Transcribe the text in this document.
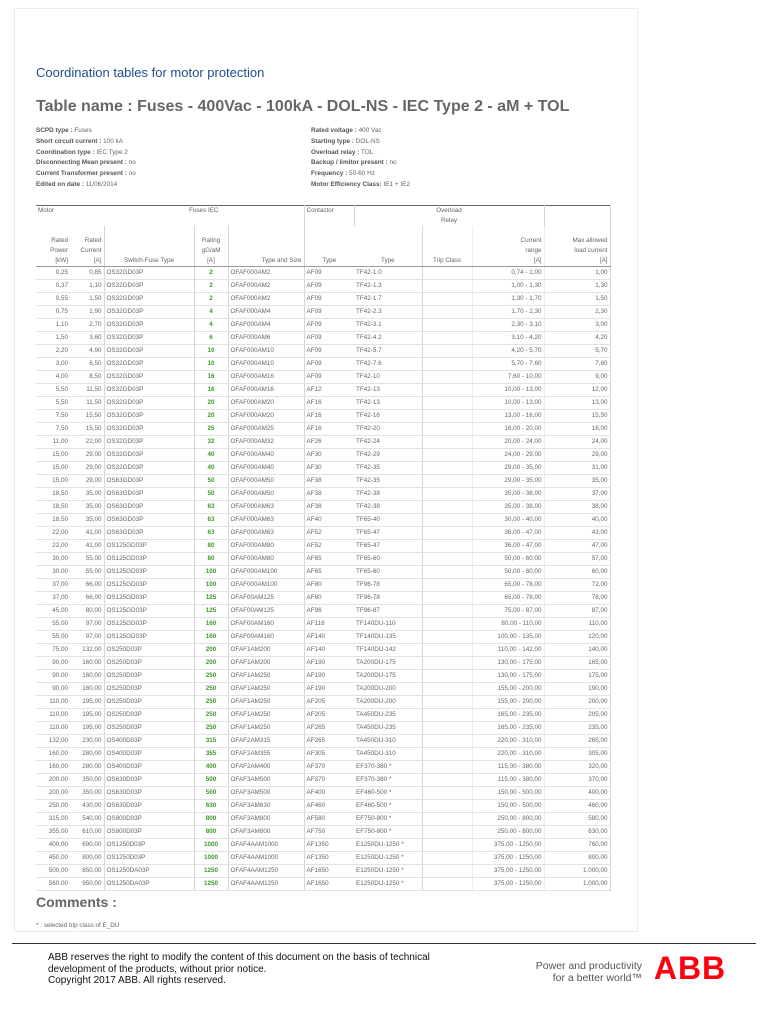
Coordination tables for motor protection
Table name : Fuses - 400Vac - 100kA - DOL-NS - IEC Type 2 - aM + TOL
SCPD type : Fuses	Rated voltage : 400 Vac
Short circuit current : 100 kA	Starting type : DOL-NS
Coordination type : IEC Type 2	Overload relay : TOL
Disconnecting Mean present : no	Backup / limitor present : no
Current Transformer present : no	Frequency : 50-60 Hz
Edited on date : 11/06/2014	Motor Efficiency Class: IE1 + IE2
Motor		Fuses IEC			Contactor	Overload			
						Relay			

Rated	Rated		Rating					Current	Max allowed
Power	Current		gG/aM					range	load current
[kW]	[A]	Switch-Fuse Type	[A]	Type and Size	Type	Type	Trip Class	[A]	[A]
0,25	0,85	OS32GD03P	2	OFAF000AM2	AF09	TF42-1.0		0,74 - 1,00	1,00
0,37	1,10	OS32GD03P	2	OFAF000AM2	AF09	TF42-1.3		1,00 - 1,30	1,30
0,55	1,50	OS32GD03P	2	OFAF000AM2	AF09	TF42-1.7		1,30 - 1,70	1,50
0,75	1,90	OS32GD03P	4	OFAF000AM4	AF09	TF42-2.3		1,70 - 2,30	2,30
1,10	2,70	OS32GD03P	4	OFAF000AM4	AF09	TF42-3.1		2,30 - 3,10	3,00
1,50	3,60	OS32GD03P	6	OFAF000AM6	AF09	TF42-4.2		3,10 - 4,20	4,20
2,20	4,90	OS32GD03P	10	OFAF000AM10	AF09	TF42-5.7		4,20 - 5,70	5,70
3,00	6,50	OS32GD03P	10	OFAF000AM10	AF09	TF42-7.6		5,70 - 7,60	7,60
4,00	8,50	OS32GD03P	16	OFAF000AM16	AF09	TF42-10		7,60 - 10,00	9,00
5,50	11,50	OS32GD03P	16	OFAF000AM16	AF12	TF42-13		10,00 - 13,00	12,00
5,50	11,50	OS32GD03P	20	OFAF000AM20	AF16	TF42-13		10,00 - 13,00	13,00
7,50	15,50	OS32GD03P	20	OFAF000AM20	AF16	TF42-16		13,00 - 16,00	15,50
7,50	15,50	OS32GD03P	25	OFAF000AM25	AF16	TF42-20		16,00 - 20,00	16,00
11,00	22,00	OS32GD03P	32	OFAF000AM32	AF26	TF42-24		20,00 - 24,00	24,00
15,00	29,00	OS32GD03P	40	OFAF000AM40	AF30	TF42-29		24,00 - 29,00	29,00
15,00	29,00	OS32GD03P	40	OFAF000AM40	AF30	TF42-35		29,00 - 35,00	31,00
15,00	29,00	OS63GD03P	50	OFAF000AM50	AF38	TF42-35		29,00 - 35,00	35,00
18,50	35,00	OS63GD03P	50	OFAF000AM50	AF38	TF42-38		35,00 - 38,00	37,00
18,50	35,00	OS63GD03P	63	OFAF000AM63	AF38	TF42-38		35,00 - 38,00	38,00
18,50	35,00	OS63GD03P	63	OFAF000AM63	AF40	TF65-40		30,00 - 40,00	40,00
22,00	41,00	OS63GD03P	63	OFAF000AM63	AF52	TF65-47		36,00 - 47,00	43,00
22,00	41,00	OS125GD03P	80	OFAF000AM80	AF52	TF65-47		36,00 - 47,00	47,00
30,00	55,00	OS125GD03P	80	OFAF000AM80	AF65	TF65-60		50,00 - 60,00	57,00
30,00	55,00	OS125GD03P	100	OFAF000AM100	AF65	TF65-60		50,00 - 60,00	60,00
37,00	66,00	OS125GD03P	100	OFAF000AM100	AF80	TF96-78		65,00 - 78,00	72,00
37,00	66,00	OS125GD03P	125	OFAF00AM125	AF80	TF96-78		65,00 - 78,00	78,00
45,00	80,00	OS125GD03P	125	OFAF00AM125	AF96	TF96-87		75,00 - 87,00	87,00
55,00	97,00	OS125GD03P	160	OFAF00AM160	AF116	TF140DU-110		80,00 - 110,00	110,00
55,00	97,00	OS125GD03P	160	OFAF00AM160	AF140	TF140DU-135		100,00 - 135,00	120,00
75,00	132,00	OS250D03P	200	OFAF1AM200	AF140	TF140DU-142		110,00 - 142,00	140,00
90,00	160,00	OS250D03P	200	OFAF1AM200	AF190	TA200DU-175		130,00 - 175,00	165,00
90,00	160,00	OS250D03P	250	OFAF1AM250	AF190	TA200DU-175		130,00 - 175,00	175,00
90,00	160,00	OS250D03P	250	OFAF1AM250	AF190	TA200DU-200		155,00 - 200,00	190,00
110,00	195,00	OS250D03P	250	OFAF1AM250	AF205	TA200DU-200		155,00 - 200,00	200,00
110,00	195,00	OS250D03P	250	OFAF1AM250	AF205	TA450DU-235		165,00 - 235,00	205,00
110,00	195,00	OS250D03P	250	OFAF1AM250	AF265	TA450DU-235		165,00 - 235,00	235,00
132,00	230,00	OS400D03P	315	OFAF2AM315	AF265	TA450DU-310		220,00 - 310,00	265,00
160,00	280,00	OS400D03P	355	OFAF2AM355	AF305	TA450DU-310		220,00 - 310,00	305,00
160,00	280,00	OS400D03P	400	OFAF2AM400	AF370	EF370-380 *		115,00 - 380,00	320,00
200,00	350,00	OS630D03P	500	OFAF3AM500	AF370	EF370-380 *		115,00 - 380,00	370,00
200,00	350,00	OS630D03P	500	OFAF3AM500	AF400	EF460-500 *		150,00 - 500,00	400,00
250,00	430,00	OS630D03P	630	OFAF3AM630	AF460	EF460-500 *		150,00 - 500,00	460,00
315,00	540,00	OS800D03P	800	OFAF3AM800	AF580	EF750-800 *		250,00 - 800,00	580,00
355,00	610,00	OS800D03P	800	OFAF3AM800	AF750	EF750-800 *		250,00 - 800,00	630,00
400,00	690,00	OS1250D03P	1000	OFAF4AAM1000	AF1350	E1250DU-1250 *		375,00 - 1250,00	760,00
450,00	800,00	OS1250D03P	1000	OFAF4AAM1000	AF1350	E1250DU-1250 *		375,00 - 1250,00	800,00
500,00	850,00	OS1250DA03P	1250	OFAF4AAM1250	AF1650	E1250DU-1250 *		375,00 - 1250,00	1.000,00
560,00	950,00	OS1250DA03P	1250	OFAF4AAM1250	AF1650	E1250DU-1250 *		375,00 - 1250,00	1.000,00
Comments :
* : selected trip class of E_DU
ABB reserves the right to modify the content of this document on the basis of technical
development of the products, without prior notice.
Copyright 2017 ABB. All rights reserved.
Power and productivity
for a better world™ ABB
